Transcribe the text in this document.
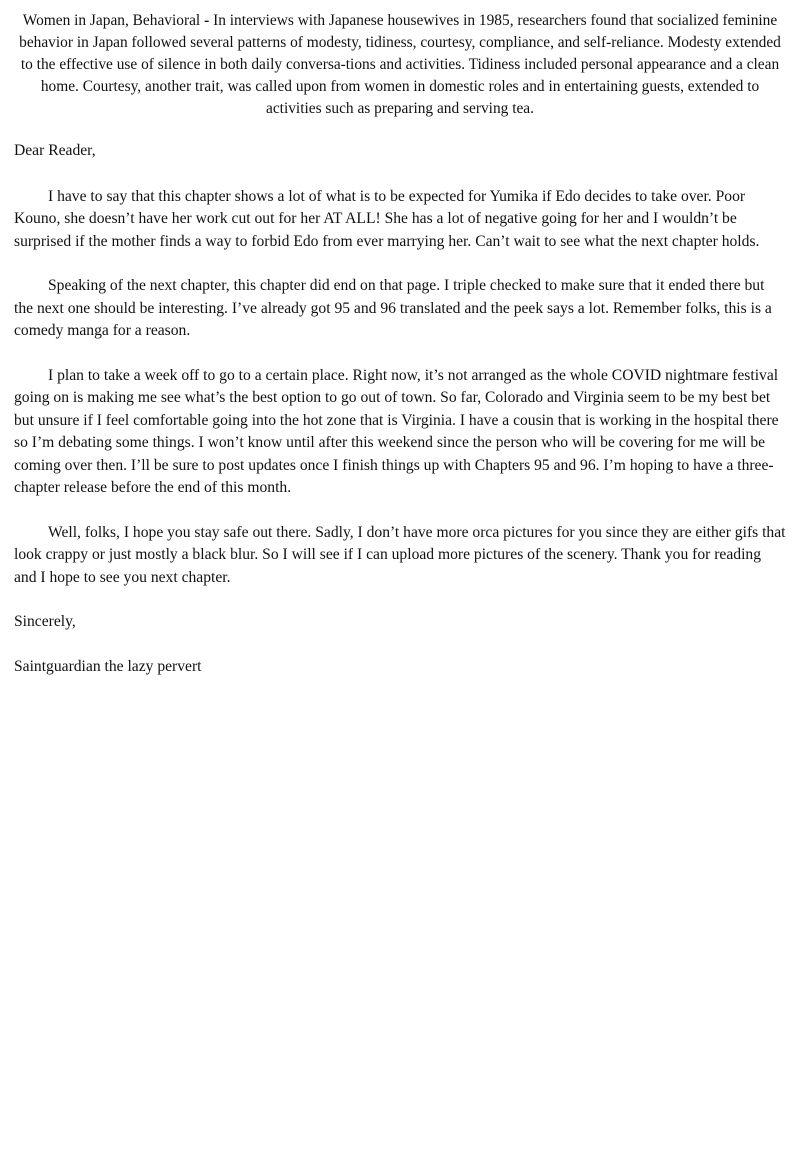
Women in Japan, Behavioral - In interviews with Japanese housewives in 1985, researchers found that socialized feminine behavior in Japan followed several patterns of modesty, tidiness, courtesy, compliance, and self-reliance. Modesty extended to the effective use of silence in both daily conversa-tions and activities. Tidiness included personal appearance and a clean home. Courtesy, another trait, was called upon from women in domestic roles and in entertaining guests, extended to activities such as preparing and serving tea.

Dear Reader,

I have to say that this chapter shows a lot of what is to be expected for Yumika if Edo decides to take over. Poor Kouno, she doesn’t have her work cut out for her AT ALL! She has a lot of negative going for her and I wouldn’t be surprised if the mother finds a way to forbid Edo from ever marrying her. Can’t wait to see what the next chapter holds.

Speaking of the next chapter, this chapter did end on that page. I triple checked to make sure that it ended there but the next one should be interesting. I’ve already got 95 and 96 translated and the peek says a lot. Remember folks, this is a comedy manga for a reason.

I plan to take a week off to go to a certain place. Right now, it’s not arranged as the whole COVID nightmare festival going on is making me see what’s the best option to go out of town. So far, Colorado and Virginia seem to be my best bet but unsure if I feel comfortable going into the hot zone that is Virginia. I have a cousin that is working in the hospital there so I’m debating some things. I won’t know until after this weekend since the person who will be covering for me will be coming over then. I’ll be sure to post updates once I finish things up with Chapters 95 and 96. I’m hoping to have a three-chapter release before the end of this month.

Well, folks, I hope you stay safe out there. Sadly, I don’t have more orca pictures for you since they are either gifs that look crappy or just mostly a black blur. So I will see if I can upload more pictures of the scenery. Thank you for reading and I hope to see you next chapter.

Sincerely,

Saintguardian the lazy pervert
